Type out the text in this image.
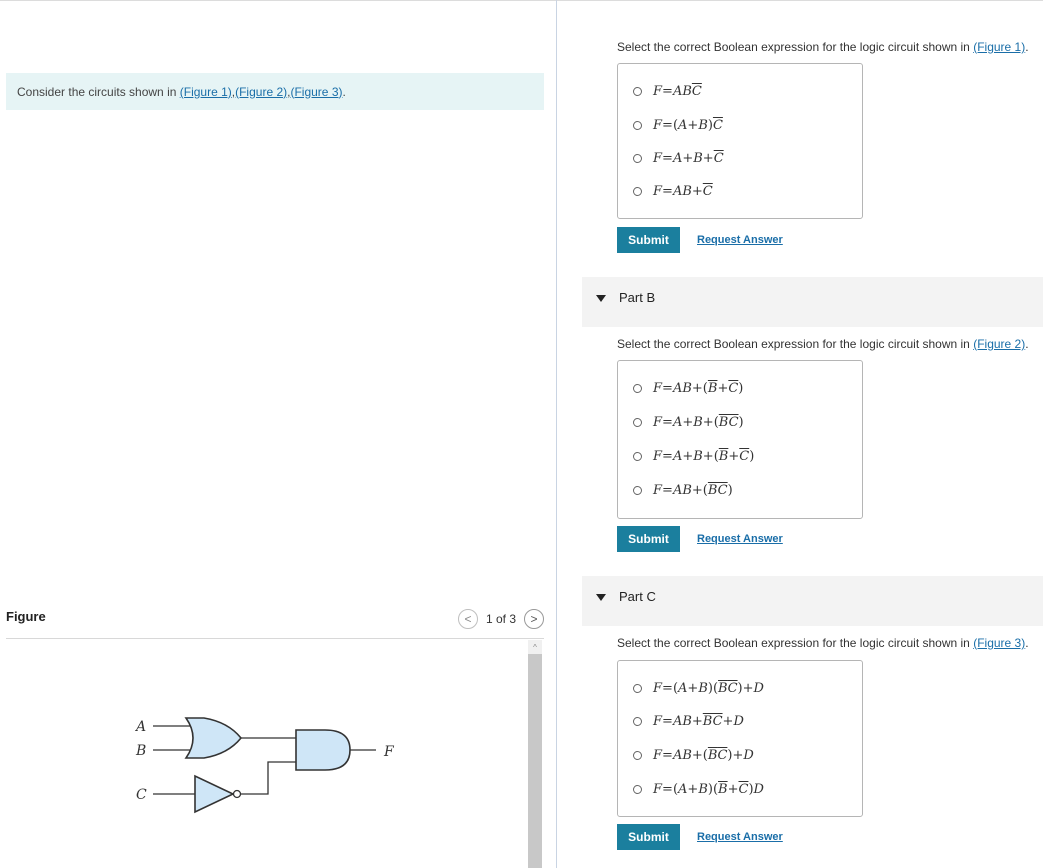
Consider the circuits shown in
(Figure 1) , (Figure 2) , (Figure 3) .
Figure	< 1 of 3 >
^
A
B
C
F
Select the correct Boolean expression for the logic circuit shown in (Figure 1).
F = AB $\overline{C}$
F = ( A + B ) $\overline{C}$
$F = A + B + \overline{C}$
F = AB + $\overline{C}$
Submit	Request Answer
Part B
Select the correct Boolean expression for the logic circuit shown in (Figure 2).
F = AB + ( $\overline{B} + \overline{C}$ )
F = A + B + ( $\overline{BC}$ )
F = A + B + ( $\overline{B} + \overline{C}$ )
F = AB + ( $\overline{BC}$ )
Submit	Request Answer
Part C
Select the correct Boolean expression for the logic circuit shown in (Figure 3).
F = ( A + B ) ( $\overline{B}$ $\overline{C}$ ) + D
F = AB + $\overline{BC} + D$
F = AB + ( $\overline{B}$ $\overline{C}$ ) + D
F = ( A + B ) ( $\overline{B} + \overline{C}$ ) D
Submit	Request Answer
